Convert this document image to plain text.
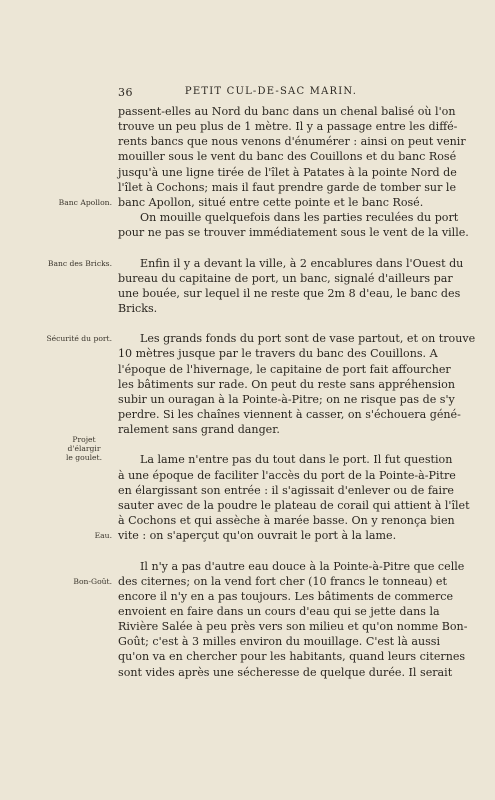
36	PETIT CUL-DE-SAC MARIN.
passent-elles au Nord du banc dans un chenal balisé où l'on
trouve un peu plus de 1 mètre. Il y a passage entre les diffé-
rents bancs que nous venons d'énumérer : ainsi on peut venir
mouiller sous le vent du banc des Couillons et du banc Rosé
jusqu'à une ligne tirée de l'îlet à Patates à la pointe Nord de
l'îlet à Cochons; mais il faut prendre garde de tomber sur le
banc Apollon, situé entre cette pointe et le banc Rosé.
On mouille quelquefois dans les parties reculées du port
pour ne pas se trouver immédiatement sous le vent de la ville.
Enfin il y a devant la ville, à 2 encablures dans l'Ouest du
bureau du capitaine de port, un banc, signalé d'ailleurs par
une bouée, sur lequel il ne reste que 2m 8 d'eau, le banc des
Bricks.
Les grands fonds du port sont de vase partout, et on trouve
10 mètres jusque par le travers du banc des Couillons. A
l'époque de l'hivernage, le capitaine de port fait affourcher
les bâtiments sur rade. On peut du reste sans appréhension
subir un ouragan à la Pointe-à-Pitre; on ne risque pas de s'y
perdre. Si les chaînes viennent à casser, on s'échouera géné-
ralement sans grand danger.
La lame n'entre pas du tout dans le port. Il fut question
à une époque de faciliter l'accès du port de la Pointe-à-Pitre
en élargissant son entrée : il s'agissait d'enlever ou de faire
sauter avec de la poudre le plateau de corail qui attient à l'îlet
à Cochons et qui assèche à marée basse. On y renonça bien
vite : on s'aperçut qu'on ouvrait le port à la lame.
Il n'y a pas d'autre eau douce à la Pointe-à-Pitre que celle
des citernes; on la vend fort cher (10 francs le tonneau) et
encore il n'y en a pas toujours. Les bâtiments de commerce
envoient en faire dans un cours d'eau qui se jette dans la
Rivière Salée à peu près vers son milieu et qu'on nomme Bon-
Goût; c'est à 3 milles environ du mouillage. C'est là aussi
qu'on va en chercher pour les habitants, quand leurs citernes
sont vides après une sécheresse de quelque durée. Il serait
Banc Apollon.
Banc des Bricks.
Sécurité du port.
Projet d'élargir le goulet.
Eau.
Bon-Goût.
